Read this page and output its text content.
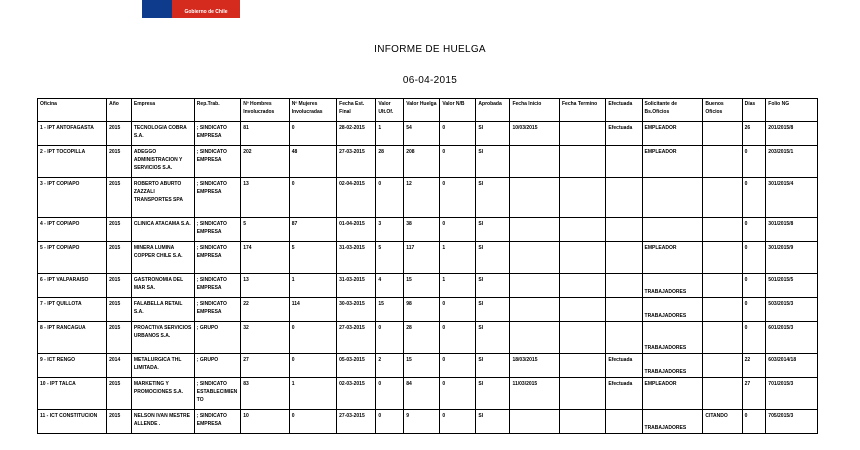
Gobierno de Chile
INFORME DE HUELGA
06-04-2015
Oficina	Año	Empresa	Rep.Trab.	Nº Hombres Involucrados	Nº Mujeres Involucradas	Fecha Est. Final	Valor Ult.Of.	Valor Huelga	Valor N/B	Aprobada	Fecha Inicio	Fecha Termino	Efectuada	Solicitante de Bs.Oficios	Buenos Oficios	Días	Folio NG
1 - IPT ANTOFAGASTA	2015	TECNOLOGIA COBRA S.A.	; SINDICATO EMPRESA	81	0	28-02-2015	1	54	0	SI	10/03/2015		Efectuada	EMPLEADOR		26	201/2015/8
2 - IPT TOCOPILLA	2015	ADEGGO ADMINISTRACION Y SERVICIOS S.A.	; SINDICATO EMPRESA	202	48	27-03-2015	28	208	0	SI				EMPLEADOR		0	203/2015/1
3 - IPT COPIAPO	2015	ROBERTO ABURTO ZAZZALI TRANSPORTES SPA	; SINDICATO EMPRESA	13	0	02-04-2015	0	12	0	SI						0	301/2015/4
4 - IPT COPIAPO	2015	CLINICA ATACAMA S.A.	; SINDICATO EMPRESA	5	87	01-04-2015	3	38	0	SI						0	301/2015/8
5 - IPT COPIAPO	2015	MINERA LUMINA COPPER CHILE S.A.	; SINDICATO EMPRESA	174	5	31-03-2015	5	117	1	SI				EMPLEADOR		0	301/2015/9
6 - IPT VALPARAISO	2015	GASTRONOMIA DEL MAR SA.	; SINDICATO EMPRESA	13	1	31-03-2015	4	15	1	SI				TRABAJADORES		0	501/2015/5
7 - IPT QUILLOTA	2015	FALABELLA RETAIL S.A.	; SINDICATO EMPRESA	22	114	30-03-2015	15	98	0	SI				TRABAJADORES		0	503/2015/3
8 - IPT RANCAGUA	2015	PROACTIVA SERVICIOS URBANOS S.A.	; GRUPO	32	0	27-03-2015	0	28	0	SI				TRABAJADORES		0	601/2015/3
9 - ICT RENGO	2014	METALURGICA THL LIMITADA.	; GRUPO	27	0	05-03-2015	2	15	0	SI	18/03/2015		Efectuada	TRABAJADORES		22	603/2014/18
10 - IPT TALCA	2015	MARKETING Y PROMOCIONES S.A.	; SINDICATO ESTABLECIMIENTO	83	1	02-03-2015	0	84	0	SI	11/03/2015		Efectuada	EMPLEADOR		27	701/2015/3
11 - ICT CONSTITUCION	2015	NELSON IVAN MESTRE ALLENDE .	; SINDICATO EMPRESA	10	0	27-03-2015	0	9	0	SI				TRABAJADORES	CITANDO	0	705/2015/3
